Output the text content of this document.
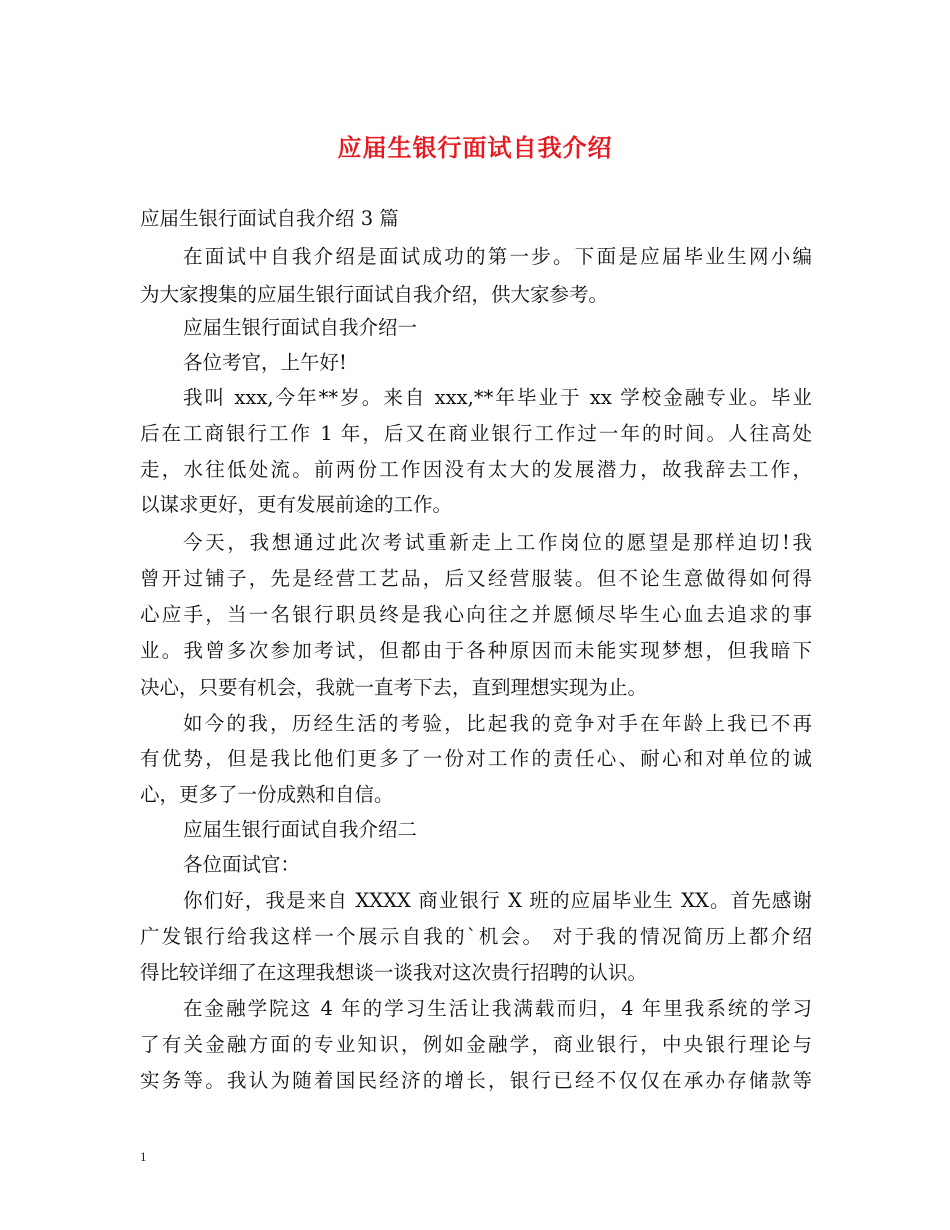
应届生银行面试自我介绍
应届生银行面试自我介绍 3 篇
在面试中自我介绍是面试成功的第一步。下面是应届毕业生网小编
为大家搜集的应届生银行面试自我介绍，供大家参考。
应届生银行面试自我介绍一
各位考官，上午好!
我叫 xxx,今年**岁。来自 xxx,**年毕业于 xx 学校金融专业。毕业
后在工商银行工作 1 年，后又在商业银行工作过一年的时间。人往高处
走，水往低处流。前两份工作因没有太大的发展潜力，故我辞去工作，
以谋求更好，更有发展前途的工作。
今天，我想通过此次考试重新走上工作岗位的愿望是那样迫切!我
曾开过铺子，先是经营工艺品，后又经营服装。但不论生意做得如何得
心应手，当一名银行职员终是我心向往之并愿倾尽毕生心血去追求的事
业。我曾多次参加考试，但都由于各种原因而未能实现梦想，但我暗下
决心，只要有机会，我就一直考下去，直到理想实现为止。
如今的我，历经生活的考验，比起我的竞争对手在年龄上我已不再
有优势，但是我比他们更多了一份对工作的责任心、耐心和对单位的诚
心，更多了一份成熟和自信。
应届生银行面试自我介绍二
各位面试官：
你们好，我是来自 XXXX 商业银行 X 班的应届毕业生 XX。首先感谢
广发银行给我这样一个展示自我的`机会。 对于我的情况简历上都介绍
得比较详细了在这理我想谈一谈我对这次贵行招聘的认识。
在金融学院这 4 年的学习生活让我满载而归，4 年里我系统的学习
了有关金融方面的专业知识，例如金融学，商业银行，中央银行理论与
实务等。我认为随着国民经济的增长，银行已经不仅仅在承办存储款等
1
